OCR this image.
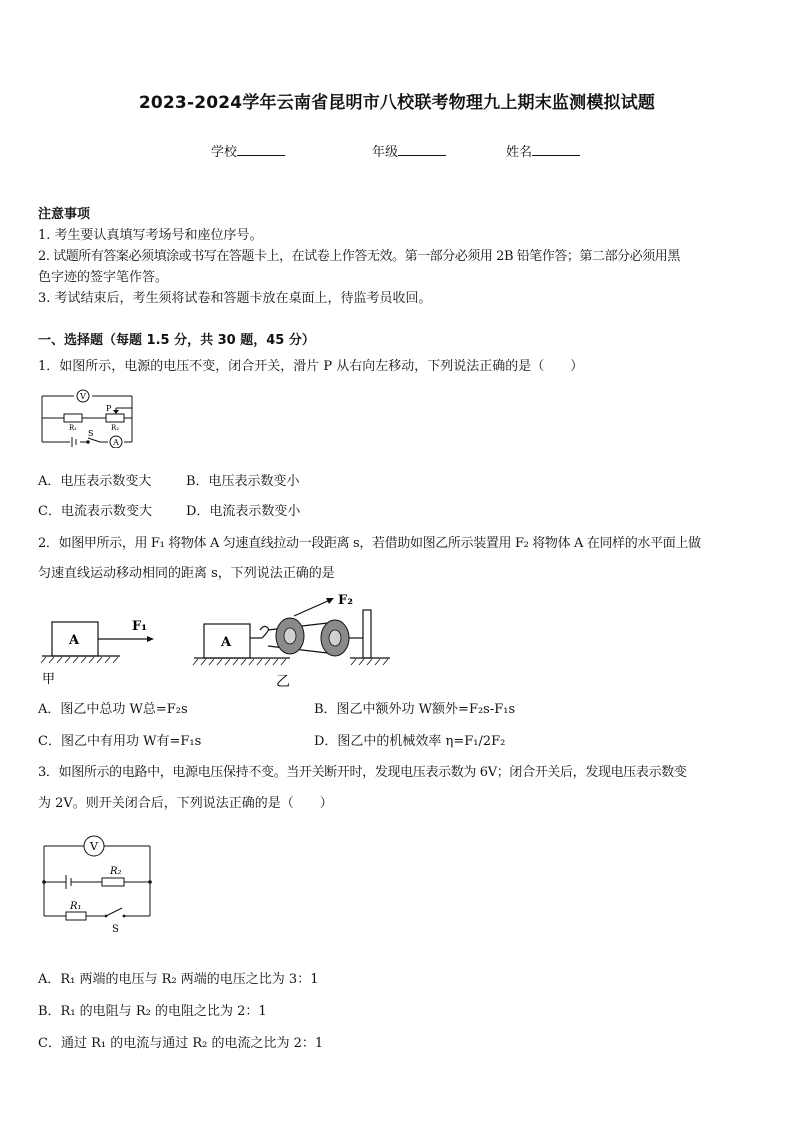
2023-2024学年云南省昆明市八校联考物理九上期末监测模拟试题
学校	年级	姓名
注意事项
1. 考生要认真填写考场号和座位序号。
2. 试题所有答案必须填涂或书写在答题卡上，在试卷上作答无效。第一部分必须用 2B 铅笔作答；第二部分必须用黑
色字迹的签字笔作答。
3. 考试结束后，考生须将试卷和答题卡放在桌面上，待监考员收回。
一、选择题（每题 1.5 分，共 30 题，45 分）
1．如图所示，电源的电压不变，闭合开关，滑片 P 从右向左移动，下列说法正确的是（　　）
V
A
P
R₁	R₂
S
A．电压表示数变大	B．电压表示数变小
C．电流表示数变大	D．电流表示数变小
2．如图甲所示，用 F₁ 将物体 A 匀速直线拉动一段距离 s，若借助如图乙所示装置用 F₂ 将物体 A 在同样的水平面上做
匀速直线运动移动相同的距离 s，下列说法正确的是
A
F₁
甲
A
F₂
乙
A．图乙中总功 W总=F₂s	B．图乙中额外功 W额外=F₂s-F₁s
C．图乙中有用功 W有=F₁s	D．图乙中的机械效率 η=F₁/2F₂
3．如图所示的电路中，电源电压保持不变。当开关断开时，发现电压表示数为 6V；闭合开关后，发现电压表示数变
为 2V。则开关闭合后，下列说法正确的是（　　）
V
R₂
R₁
S
A．R₁ 两端的电压与 R₂ 两端的电压之比为 3：1
B．R₁ 的电阻与 R₂ 的电阻之比为 2：1
C．通过 R₁ 的电流与通过 R₂ 的电流之比为 2：1
